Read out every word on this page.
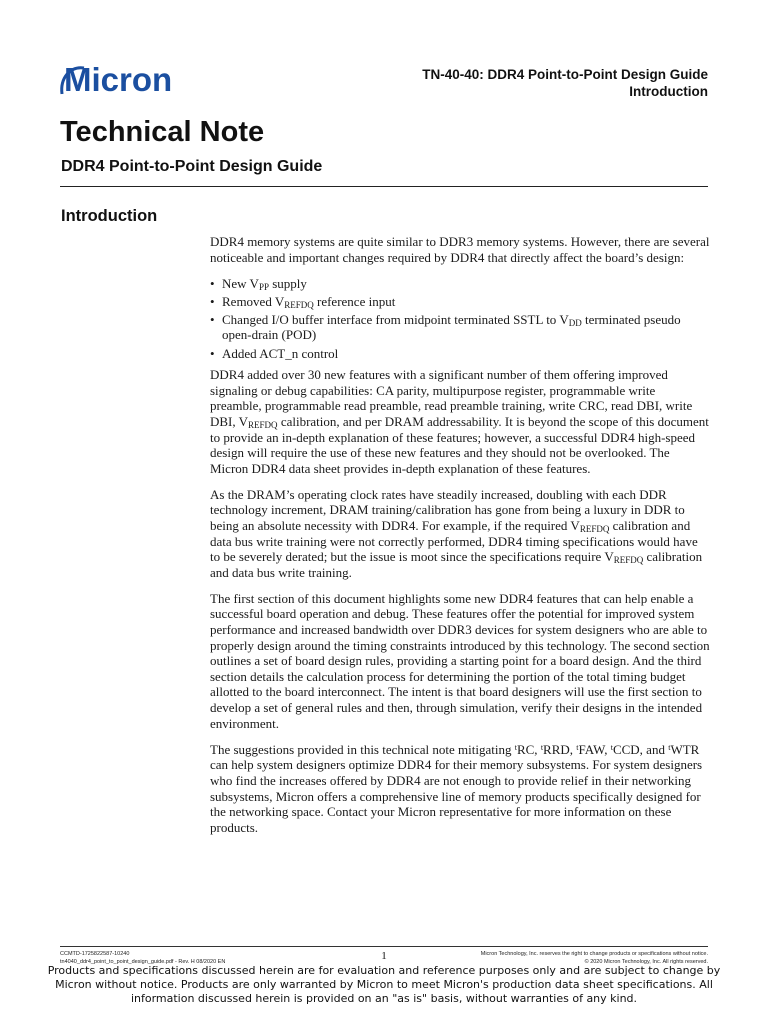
Micron	TN-40-40: DDR4 Point-to-Point Design Guide
Introduction
Technical Note
DDR4 Point-to-Point Design Guide
Introduction

DDR4 memory systems are quite similar to DDR3 memory systems. However, there are several noticeable and important changes required by DDR4 that directly affect the board’s design:

• New $V_{PP}$ supply
• Removed $V_{REFDQ}$ reference input
• Changed I/O buffer interface from midpoint terminated SSTL to $V_{DD}$ terminated pseudo open-drain (POD)
• Added ACT_n control

DDR4 added over 30 new features with a significant number of them offering improved signaling or debug capabilities: CA parity, multipurpose register, programmable write preamble, programmable read preamble, read preamble training, write CRC, read DBI, write DBI, $V_{REFDQ}$ calibration, and per DRAM addressability. It is beyond the scope of this document to provide an in-depth explanation of these features; however, a successful DDR4 high-speed design will require the use of these new features and they should not be overlooked. The Micron DDR4 data sheet provides in-depth explanation of these features.

As the DRAM’s operating clock rates have steadily increased, doubling with each DDR technology increment, DRAM training/calibration has gone from being a luxury in DDR to being an absolute necessity with DDR4. For example, if the required $V_{REFDQ}$ calibration and data bus write training were not correctly performed, DDR4 timing specifications would have to be severely derated; but the issue is moot since the specifications require $V_{REFDQ}$ calibration and data bus write training.

The first section of this document highlights some new DDR4 features that can help enable a successful board operation and debug. These features offer the potential for improved system performance and increased bandwidth over DDR3 devices for system designers who are able to properly design around the timing constraints introduced by this technology. The second section outlines a set of board design rules, providing a starting point for a board design. And the third section details the calculation process for determining the portion of the total timing budget allotted to the board interconnect. The intent is that board designers will use the first section to develop a set of general rules and then, through simulation, verify their designs in the intended environment.

The suggestions provided in this technical note mitigating $^t$RC, $^t$RRD, $^t$FAW, $^t$CCD, and $^t$WTR can help system designers optimize DDR4 for their memory subsystems. For system designers who find the increases offered by DDR4 are not enough to provide relief in their networking subsystems, Micron offers a comprehensive line of memory products specifically designed for the networking space. Contact your Micron representative for more information on these products.

CCMTD-1725822587-10240
tn4040_ddr4_point_to_point_design_guide.pdf - Rev. H 08/2020 EN	1	Micron Technology, Inc. reserves the right to change products or specifications without notice.
© 2020 Micron Technology, Inc. All rights reserved.
Products and specifications discussed herein are for evaluation and reference purposes only and are subject to change by Micron without notice. Products are only warranted by Micron to meet Micron's production data sheet specifications. All information discussed herein is provided on an "as is" basis, without warranties of any kind.
